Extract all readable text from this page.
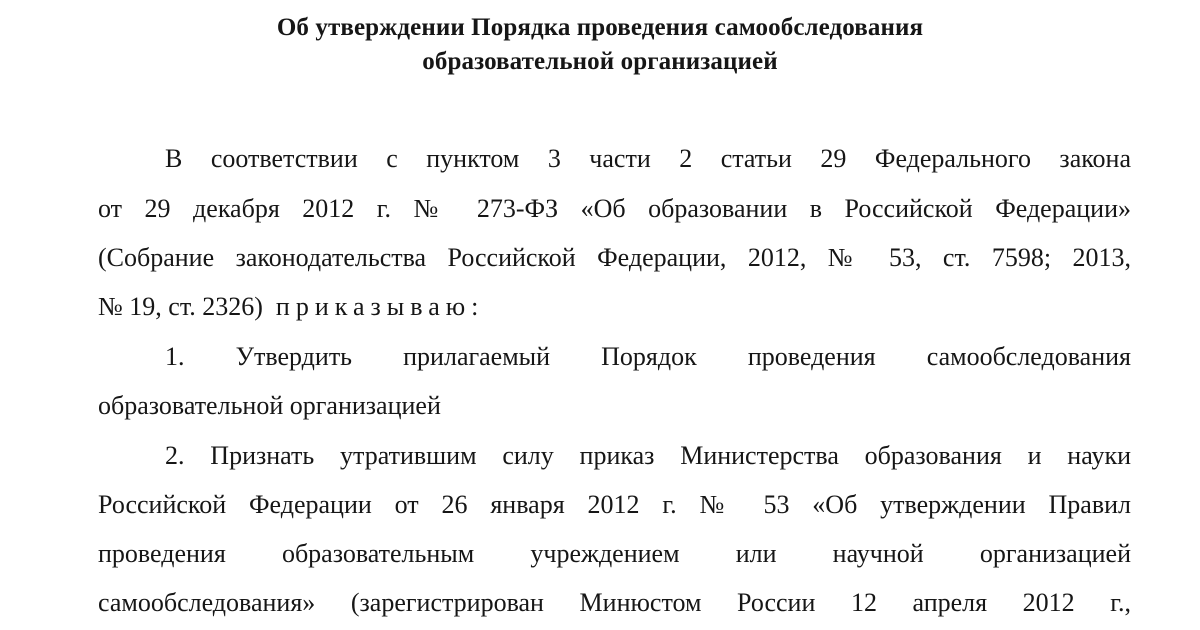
Об утверждении Порядка проведения самообследования
образовательной организацией
В соответствии с пунктом 3 части 2 статьи 29 Федерального закона
от 29 декабря 2012 г. № 273-ФЗ «Об образовании в Российской Федерации»
(Собрание законодательства Российской Федерации, 2012, № 53, ст. 7598; 2013,
№ 19, ст. 2326) приказываю:
1. Утвердить прилагаемый Порядок проведения самообследования
образовательной организацией
2. Признать утратившим силу приказ Министерства образования и науки
Российской Федерации от 26 января 2012 г. № 53 «Об утверждении Правил
проведения образовательным учреждением или научной организацией
самообследования» (зарегистрирован Минюстом России 12 апреля 2012 г.,
